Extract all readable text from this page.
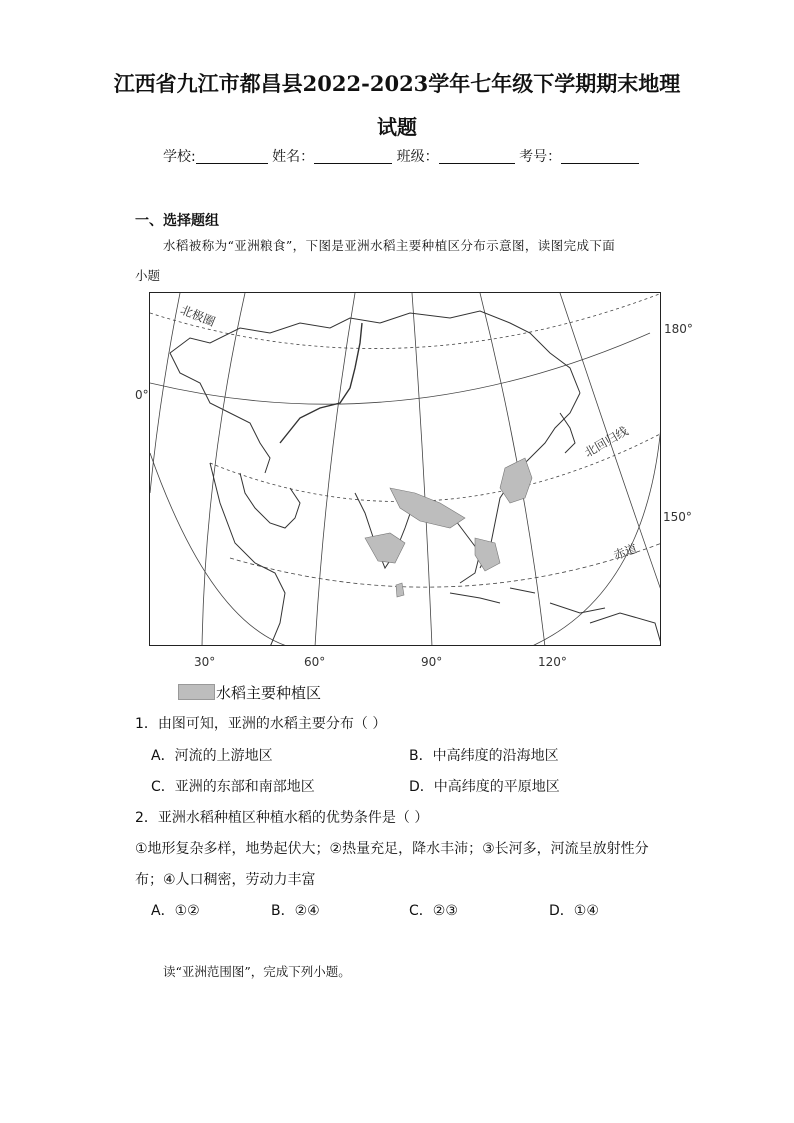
江西省九江市都昌县2022-2023学年七年级下学期期末地理
试题
学校:	姓名：	班级：	考号：
一、选择题组
水稻被称为“亚洲粮食”，下图是亚洲水稻主要种植区分布示意图，读图完成下面
小题
北极圈
北回归线
赤道
180°
150°
0°
30°	60°	90°	120°
水稻主要种植区
1．由图可知，亚洲的水稻主要分布（ ）
A．河流的上游地区	B．中高纬度的沿海地区
C．亚洲的东部和南部地区	D．中高纬度的平原地区
2．亚洲水稻种植区种植水稻的优势条件是（ ）
①地形复杂多样，地势起伏大；②热量充足，降水丰沛；③长河多，河流呈放射性分
布；④人口稠密，劳动力丰富
A．①②	B．②④	C．②③	D．①④
读“亚洲范围图”，完成下列小题。
